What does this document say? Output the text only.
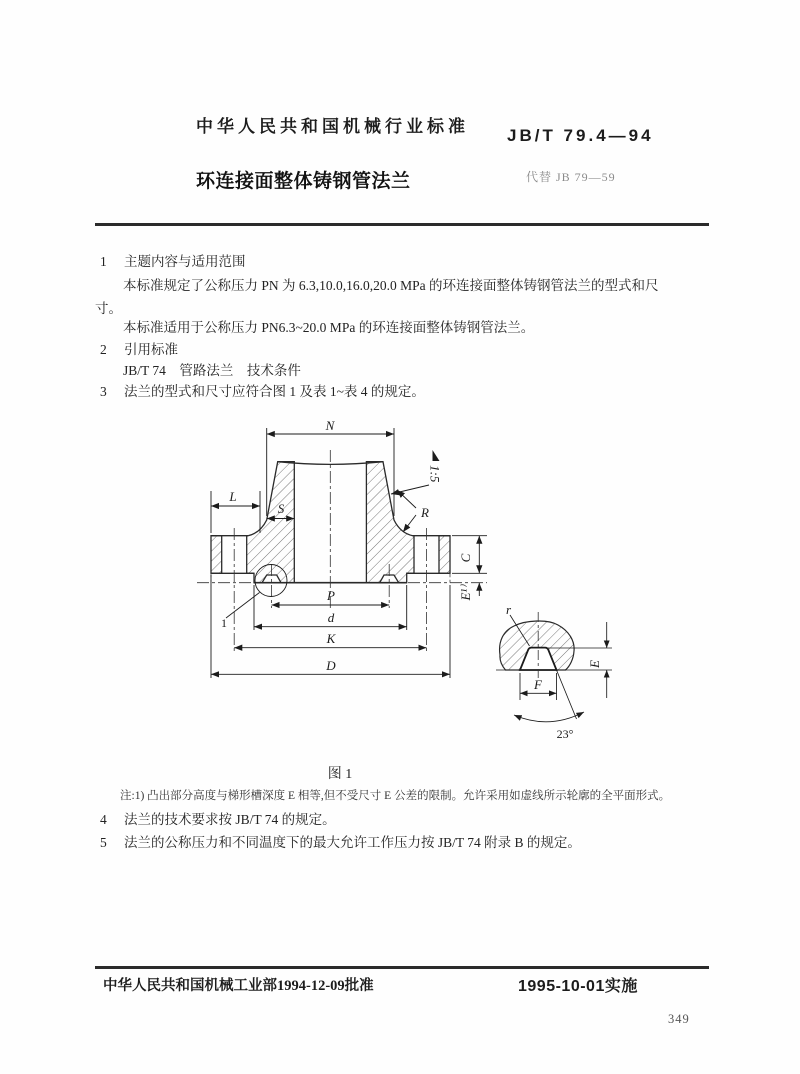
中华人民共和国机械行业标准 JB/T 79.4—94
环连接面整体铸钢管法兰	代替 JB 79—59
1 主题内容与适用范围
本标准规定了公称压力 PN 为 6.3,10.0,16.0,20.0 MPa 的环连接面整体铸钢管法兰的型式和尺
寸。
本标准适用于公称压力 PN6.3~20.0 MPa 的环连接面整体铸钢管法兰。
2 引用标准
JB/T 74　管路法兰　技术条件
3 法兰的型式和尺寸应符合图 1 及表 1~表 4 的规定。
N
L
S	R
1:5
C
E¹⁾
P
d
K
D
1
r
F
E
23°
图 1
注:1) 凸出部分高度与梯形槽深度 E 相等,但不受尺寸 E 公差的限制。允许采用如虚线所示轮廓的全平面形式。
4 法兰的技术要求按 JB/T 74 的规定。
5 法兰的公称压力和不同温度下的最大允许工作压力按 JB/T 74 附录 B 的规定。
中华人民共和国机械工业部1994-12-09批准	1995-10-01实施
349
